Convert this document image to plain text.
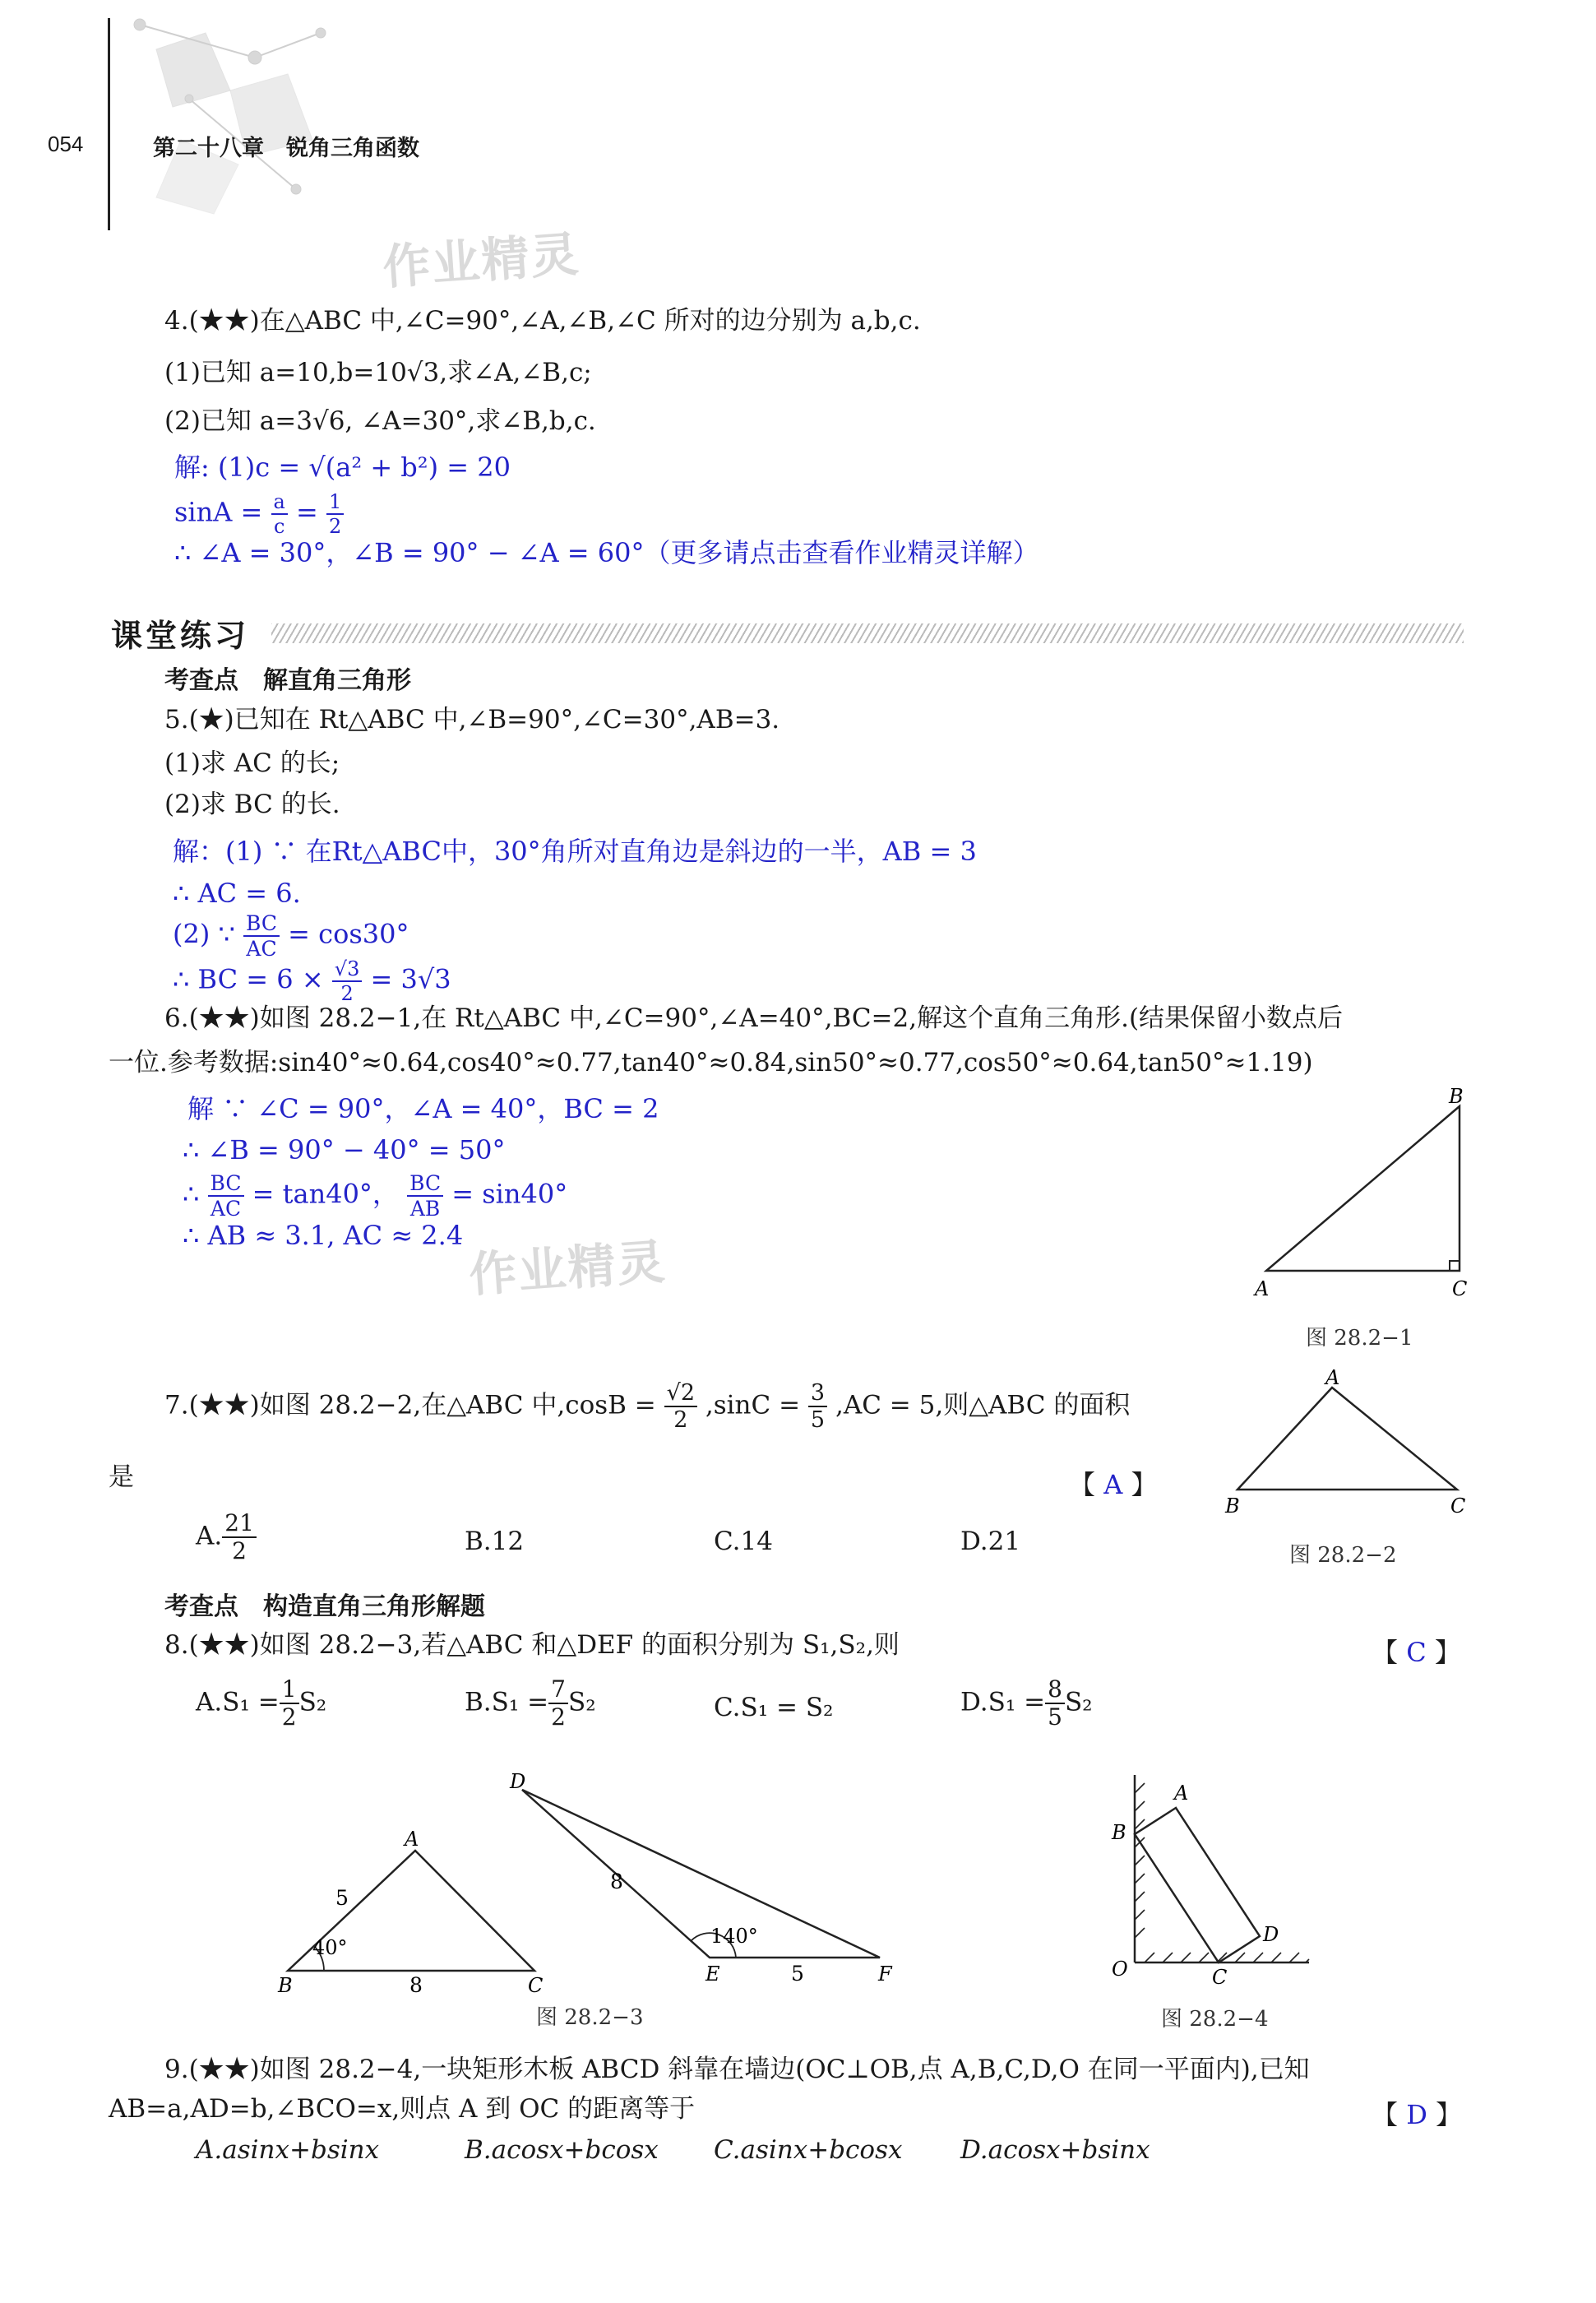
054	第二十八章　锐角三角函数
作业精灵
4.(★★)在△ABC 中,∠C=90°,∠A,∠B,∠C 所对的边分别为 a,b,c.
(1)已知 a=10,b=10√3,求∠A,∠B,c;
(2)已知 a=3√6, ∠A=30°,求∠B,b,c.
解: (1)c = √(a² + b²) = 20
$\sin A = \frac{a}{c} = \frac{1}{2}$
∴ ∠A = 30°，∠B = 90° − ∠A = 60°（更多请点击查看作业精灵详解）
课堂练习
考查点　解直角三角形
5.(★)已知在 Rt△ABC 中,∠B=90°,∠C=30°,AB=3.
(1)求 AC 的长;
(2)求 BC 的长.
解：(1) ∵ 在Rt△ABC中，30°角所对直角边是斜边的一半，AB = 3
∴ AC = 6.
(2) ∵ $\frac{BC}{AC} = \cos 30^\circ$
∴ BC = $6 \times \frac{√3}{2} = 3√3$
6.(★★)如图 28.2−1,在 Rt△ABC 中,∠C=90°,∠A=40°,BC=2,解这个直角三角形.(结果保留小数点后
一位.参考数据:sin40°≈0.64,cos40°≈0.77,tan40°≈0.84,sin50°≈0.77,cos50°≈0.64,tan50°≈1.19)
解 ∵ ∠C = 90°，∠A = 40°，BC = 2
∴ ∠B = 90° − 40° = 50°
∴ $\frac{BC}{AC} = \tan 40^\circ$， $\frac{BC}{AB} = \sin 40^\circ$
∴ AB ≈ 3.1, AC ≈ 2.4 作业精灵
B
A	C
图 28.2−1
7.(★★)如图 28.2−2,在△ABC 中$,\cos B = \frac{√2}{2} ,\sin C = \frac{3}{5} ,AC = 5$,则△ABC 的面积
是	【 A 】
A. $\frac{21}{2}$	B.12	C.14	D.21
A
B	C
图 28.2−2
考查点　构造直角三角形解题
8.(★★)如图 28.2−3,若△ABC 和△DEF 的面积分别为 S₁,S₂,则	【 C 】
$A.S_1 = \frac{1}{2} S_2$	$B.S_1 = \frac{7}{2} S_2$	C.S₁ = S₂	$D.S_1 = \frac{8}{5} S_2$
A
B	C
5
8
40°
D
E	F
8
5
140°
图 28.2−3
A
B
C
D
O
图 28.2−4
9.(★★)如图 28.2−4,一块矩形木板 ABCD 斜靠在墙边(OC⊥OB,点 A,B,C,D,O 在同一平面内),已知
AB=a,AD=b,∠BCO=x,则点 A 到 OC 的距离等于	【 D 】
A.asinx+bsinx	B.acosx+bcosx C.asinx+bcosx D.acosx+bsinx
